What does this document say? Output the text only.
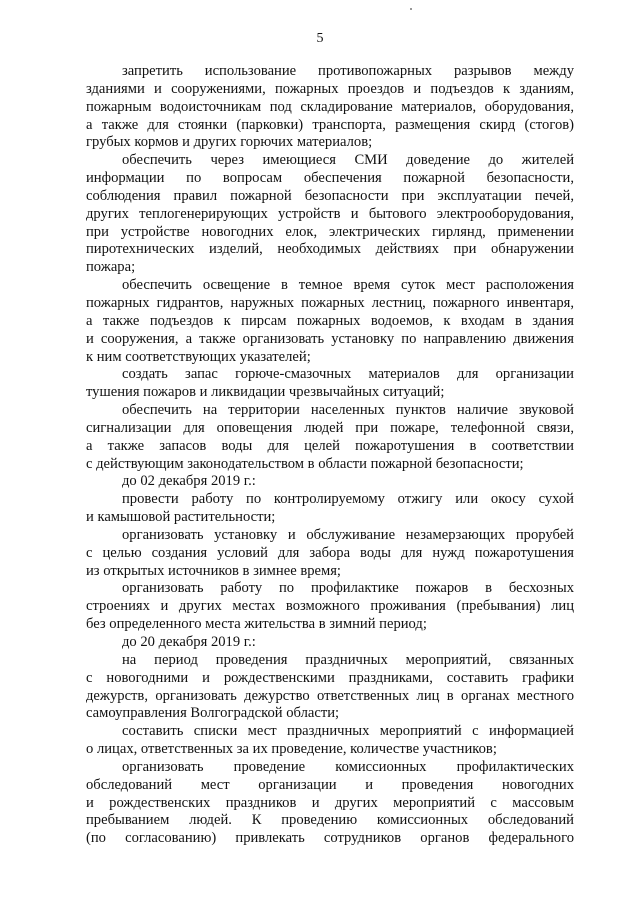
5
запретить использование противопожарных разрывов между
зданиями и сооружениями, пожарных проездов и подъездов к зданиям,
пожарным водоисточникам под складирование материалов, оборудования,
а также для стоянки (парковки) транспорта, размещения скирд (стогов)
грубых кормов и других горючих материалов;
обеспечить через имеющиеся СМИ доведение до жителей
информации по вопросам обеспечения пожарной безопасности,
соблюдения правил пожарной безопасности при эксплуатации печей,
других теплогенерирующих устройств и бытового электрооборудования,
при устройстве новогодних елок, электрических гирлянд, применении
пиротехнических изделий, необходимых действиях при обнаружении
пожара;
обеспечить освещение в темное время суток мест расположения
пожарных гидрантов, наружных пожарных лестниц, пожарного инвентаря,
а также подъездов к пирсам пожарных водоемов, к входам в здания
и сооружения, а также организовать установку по направлению движения
к ним соответствующих указателей;
создать запас горюче-смазочных материалов для организации
тушения пожаров и ликвидации чрезвычайных ситуаций;
обеспечить на территории населенных пунктов наличие звуковой
сигнализации для оповещения людей при пожаре, телефонной связи,
а также запасов воды для целей пожаротушения в соответствии
с действующим законодательством в области пожарной безопасности;
до 02 декабря 2019 г.:
провести работу по контролируемому отжигу или окосу сухой
и камышовой растительности;
организовать установку и обслуживание незамерзающих прорубей
с целью создания условий для забора воды для нужд пожаротушения
из открытых источников в зимнее время;
организовать работу по профилактике пожаров в бесхозных
строениях и других местах возможного проживания (пребывания) лиц
без определенного места жительства в зимний период;
до 20 декабря 2019 г.:
на период проведения праздничных мероприятий, связанных
с новогодними и рождественскими праздниками, составить графики
дежурств, организовать дежурство ответственных лиц в органах местного
самоуправления Волгоградской области;
составить списки мест праздничных мероприятий с информацией
о лицах, ответственных за их проведение, количестве участников;
организовать проведение комиссионных профилактических
обследований мест организации и проведения новогодних
и рождественских праздников и других мероприятий с массовым
пребыванием людей. К проведению комиссионных обследований
(по согласованию) привлекать сотрудников органов федерального
